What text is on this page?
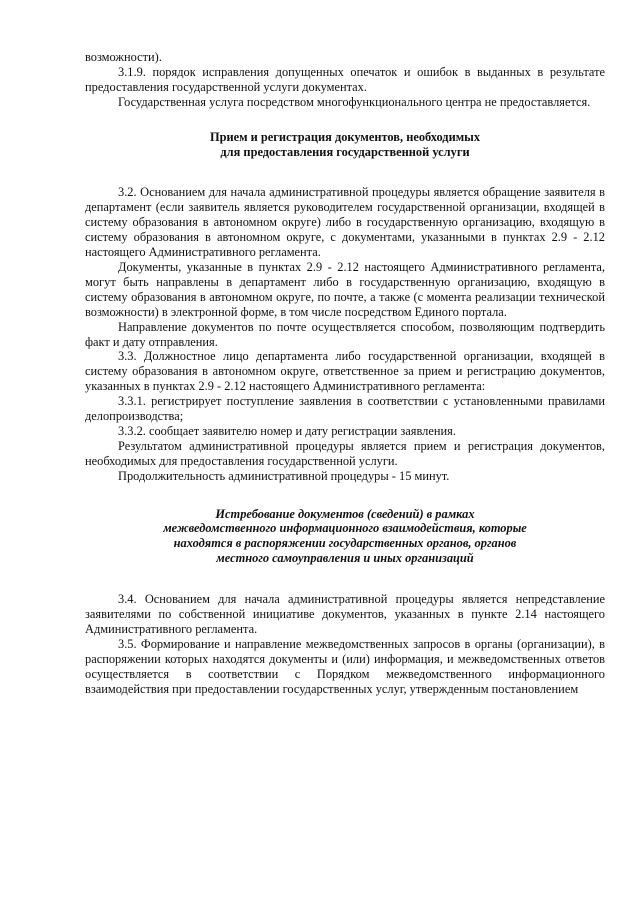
возможности).

3.1.9. порядок исправления допущенных опечаток и ошибок в выданных в результате предоставления государственной услуги документах.

Государственная услуга посредством многофункционального центра не предоставляется.

Прием и регистрация документов, необходимых
для предоставления государственной услуги

3.2. Основанием для начала административной процедуры является обращение заявителя в департамент (если заявитель является руководителем государственной организации, входящей в систему образования в автономном округе) либо в государственную организацию, входящую в систему образования в автономном округе, с документами, указанными в пунктах 2.9 - 2.12 настоящего Административного регламента.

Документы, указанные в пунктах 2.9 - 2.12 настоящего Административного регламента, могут быть направлены в департамент либо в государственную организацию, входящую в систему образования в автономном округе, по почте, а также (с момента реализации технической возможности) в электронной форме, в том числе посредством Единого портала.

Направление документов по почте осуществляется способом, позволяющим подтвердить факт и дату отправления.

3.3. Должностное лицо департамента либо государственной организации, входящей в систему образования в автономном округе, ответственное за прием и регистрацию документов, указанных в пунктах 2.9 - 2.12 настоящего Административного регламента:

3.3.1. регистрирует поступление заявления в соответствии с установленными правилами делопроизводства;

3.3.2. сообщает заявителю номер и дату регистрации заявления.

Результатом административной процедуры является прием и регистрация документов, необходимых для предоставления государственной услуги.

Продолжительность административной процедуры - 15 минут.

Истребование документов (сведений) в рамках
межведомственного информационного взаимодействия, которые
находятся в распоряжении государственных органов, органов
местного самоуправления и иных организаций

3.4. Основанием для начала административной процедуры является непредставление заявителями по собственной инициативе документов, указанных в пункте 2.14 настоящего Административного регламента.

3.5. Формирование и направление межведомственных запросов в органы (организации), в распоряжении которых находятся документы и (или) информация, и межведомственных ответов осуществляется в соответствии с Порядком межведомственного информационного взаимодействия при предоставлении государственных услуг, утвержденным постановлением
